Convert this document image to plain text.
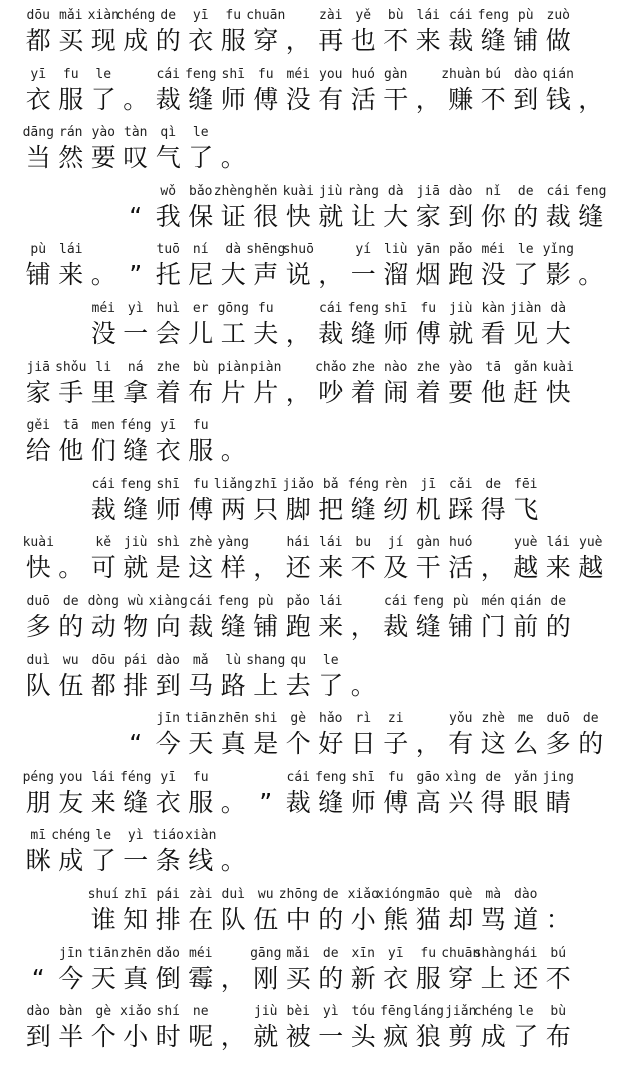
dōu
都
mǎi
买
xiàn
现
chéng
成
de
的
yī
衣
fu
服
chuān
穿 ，
zài
再
yě
也
bù
不
lái
来
cái
裁
feng
缝
pù
铺
zuò
做
yī
衣
fu
服
le
了 。
cái
裁
feng
缝
shī
师
fu
傅
méi
没
you
有
huó
活
gàn
干 ，
zhuàn
赚
bú
不
dào
到
qián
钱 ，
dāng
当
rán
然
yào
要
tàn
叹
qì
气
le
了 。
“
wǒ
我
bǎo
保
zhèng
证
hěn
很
kuài
快
jiù
就
ràng
让
dà
大
jiā
家
dào
到
nǐ
你
de
的
cái
裁
feng
缝
pù
铺
lái
来 。 ”
tuō
托
ní
尼
dà
大
shēng
声
shuō
说 ，
yí
一
liù
溜
yān
烟
pǎo
跑
méi
没
le
了
yǐng
影 。
méi
没
yì
一
huì
会
er
儿
gōng
工
fu
夫 ，
cái
裁
feng
缝
shī
师
fu
傅
jiù
就
kàn
看
jiàn
见
dà
大
jiā
家
shǒu
手
li
里
ná
拿
zhe
着
bù
布
piàn
片
piàn
片 ，
chǎo
吵
zhe
着
nào
闹
zhe
着
yào
要
tā
他
gǎn
赶
kuài
快
gěi
给
tā
他
men
们
féng
缝
yī
衣
fu
服 。
cái
裁
feng
缝
shī
师
fu
傅
liǎng
两
zhī
只
jiǎo
脚
bǎ
把
féng
缝
rèn
纫
jī
机
cǎi
踩
de
得
fēi
飞
kuài
快 。
kě
可
jiù
就
shì
是
zhè
这
yàng
样 ，
hái
还
lái
来
bu
不
jí
及
gàn
干
huó
活 ，
yuè
越
lái
来
yuè
越
duō
多
de
的
dòng
动
wù
物
xiàng
向
cái
裁
feng
缝
pù
铺
pǎo
跑
lái
来 ，
cái
裁
feng
缝
pù
铺
mén
门
qián
前
de
的
duì
队
wu
伍
dōu
都
pái
排
dào
到
mǎ
马
lù
路
shang
上
qu
去
le
了 。
“
jīn
今
tiān
天
zhēn
真
shi
是
gè
个
hǎo
好
rì
日
zi
子 ，
yǒu
有
zhè
这
me
么
duō
多
de
的
péng
朋
you
友
lái
来
féng
缝
yī
衣
fu
服 。 ”
cái
裁
feng
缝
shī
师
fu
傅
gāo
高
xìng
兴
de
得
yǎn
眼
jing
睛
mī
眯
chéng
成
le
了
yì
一
tiáo
条
xiàn
线 。
shuí
谁
zhī
知
pái
排
zài
在
duì
队
wu
伍
zhōng
中
de
的
xiǎo
小
xióng
熊
māo
猫
què
却
mà
骂
dào
道 ：
“
jīn
今
tiān
天
zhēn
真
dǎo
倒
méi
霉 ，
gāng
刚
mǎi
买
de
的
xīn
新
yī
衣
fu
服
chuān
穿
shàng
上
hái
还
bú
不
dào
到
bàn
半
gè
个
xiǎo
小
shí
时
ne
呢 ，
jiù
就
bèi
被
yì
一
tóu
头
fēng
疯
láng
狼
jiǎn
剪
chéng
成
le
了
bù
布
